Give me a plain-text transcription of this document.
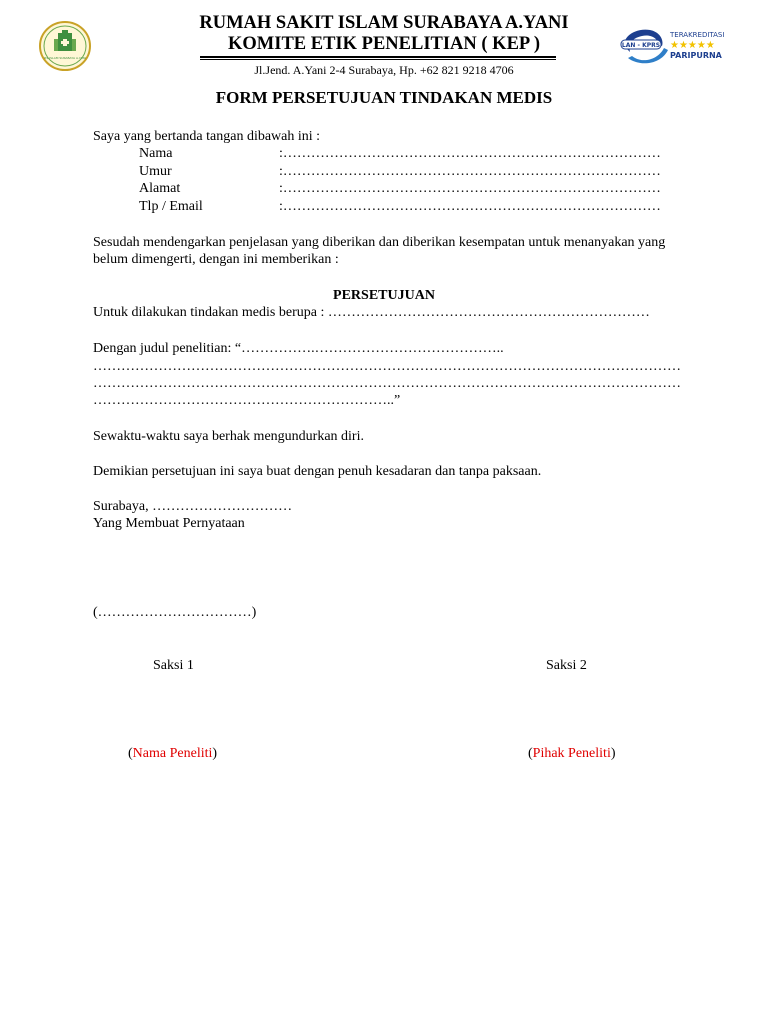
RS ISLAM SURABAYA A.YANI
LAN - KPRS
TERAKREDITASI
★★★★★
PARIPURNA
RUMAH SAKIT ISLAM SURABAYA A.YANI
KOMITE ETIK PENELITIAN ( KEP )
Jl.Jend. A.Yani 2-4 Surabaya, Hp. +62 821 9218 4706
FORM PERSETUJUAN TINDAKAN MEDIS
Saya yang bertanda tangan dibawah ini :
Nama	:………………………………………………………………………
Umur	:………………………………………………………………………
Alamat	:………………………………………………………………………
Tlp / Email	:………………………………………………………………………
Sesudah mendengarkan penjelasan yang diberikan dan diberikan kesempatan untuk menanyakan yang belum dimengerti, dengan ini memberikan :
PERSETUJUAN
Untuk dilakukan tindakan medis berupa : ……………………………………………………………
Dengan judul penelitian: “…………….…………………………………..
………………………………………………………………………………………………………………
………………………………………………………………………………………………………………
………………………………………………………..”
Sewaktu-waktu saya berhak mengundurkan diri.
Demikian persetujuan ini saya buat dengan penuh kesadaran dan tanpa paksaan.
Surabaya, …………………………
Yang Membuat Pernyataan
(……………………………)
Saksi 1	Saksi 2
(Nama Peneliti)	(Pihak Peneliti)
